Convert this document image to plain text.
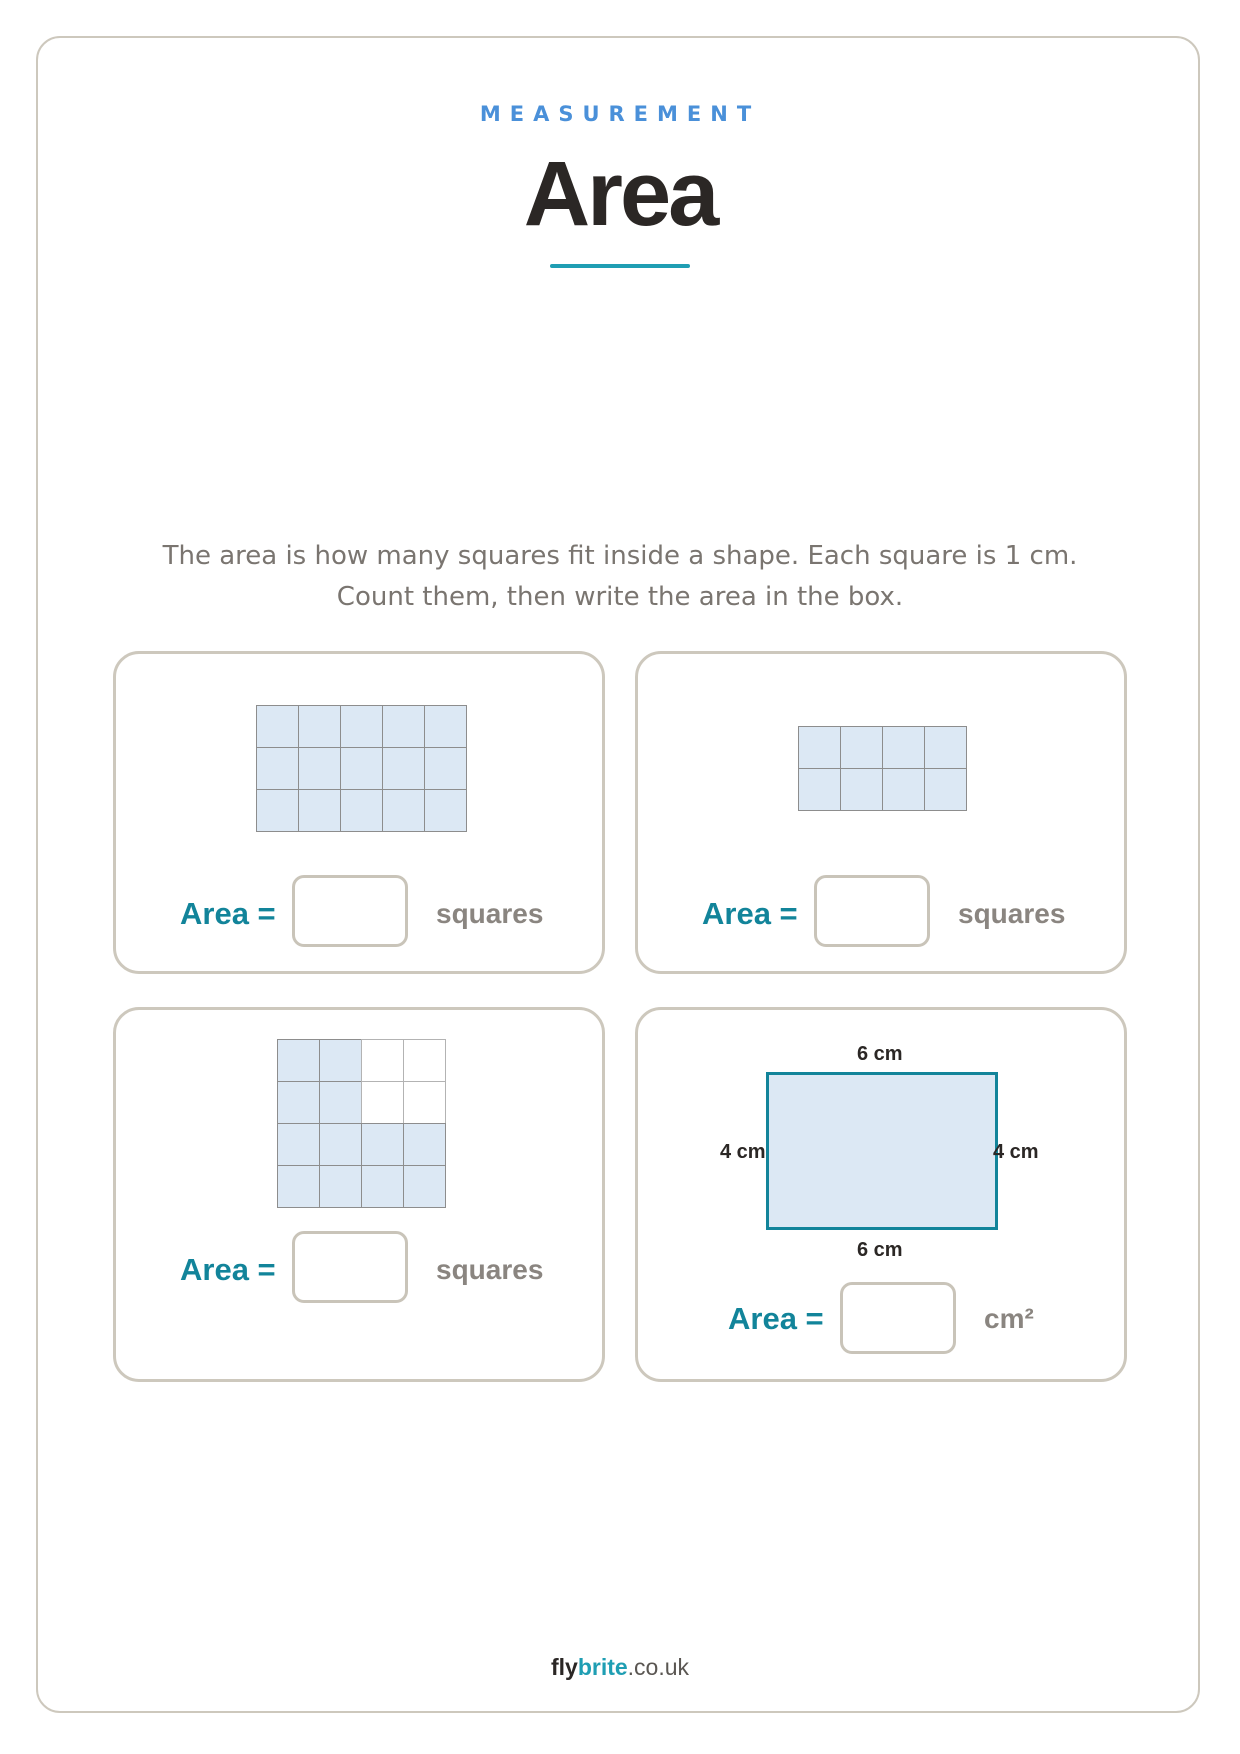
MEASUREMENT
Area

The area is how many squares fit inside a shape. Each square is 1 cm.

Count them, then write the area in the box.

Area =	squares	Area =	squares
Area =	squares
6 cm
4 cm	4 cm
6 cm
Area =	cm²
flybrite.co.uk
